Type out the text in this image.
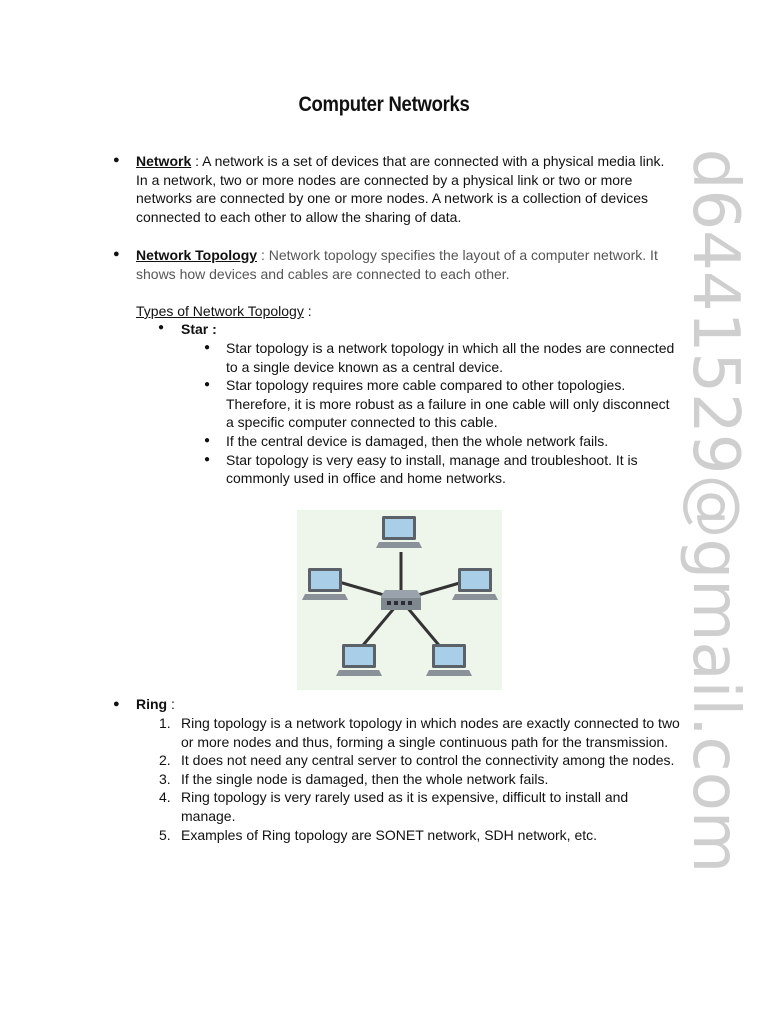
Computer Networks
● Network : A network is a set of devices that are connected with a physical media link. In a network, two or more nodes are connected by a physical link or two or more networks are connected by one or more nodes. A network is a collection of devices connected to each other to allow the sharing of data.
● Network Topology : Network topology specifies the layout of a computer network. It shows how devices and cables are connected to each other.
Types of Network Topology :
● Star :
● Star topology is a network topology in which all the nodes are connected to a single device known as a central device.
● Star topology requires more cable compared to other topologies. Therefore, it is more robust as a failure in one cable will only disconnect a specific computer connected to this cable.
● If the central device is damaged, then the whole network fails.
● Star topology is very easy to install, manage and troubleshoot. It is commonly used in office and home networks.
● Ring :
1. Ring topology is a network topology in which nodes are exactly connected to two or more nodes and thus, forming a single continuous path for the transmission.
2. It does not need any central server to control the connectivity among the nodes.
3. If the single node is damaged, then the whole network fails.
4. Ring topology is very rarely used as it is expensive, difficult to install and manage.
5. Examples of Ring topology are SONET network, SDH network, etc.	d6441529@gmail.com
